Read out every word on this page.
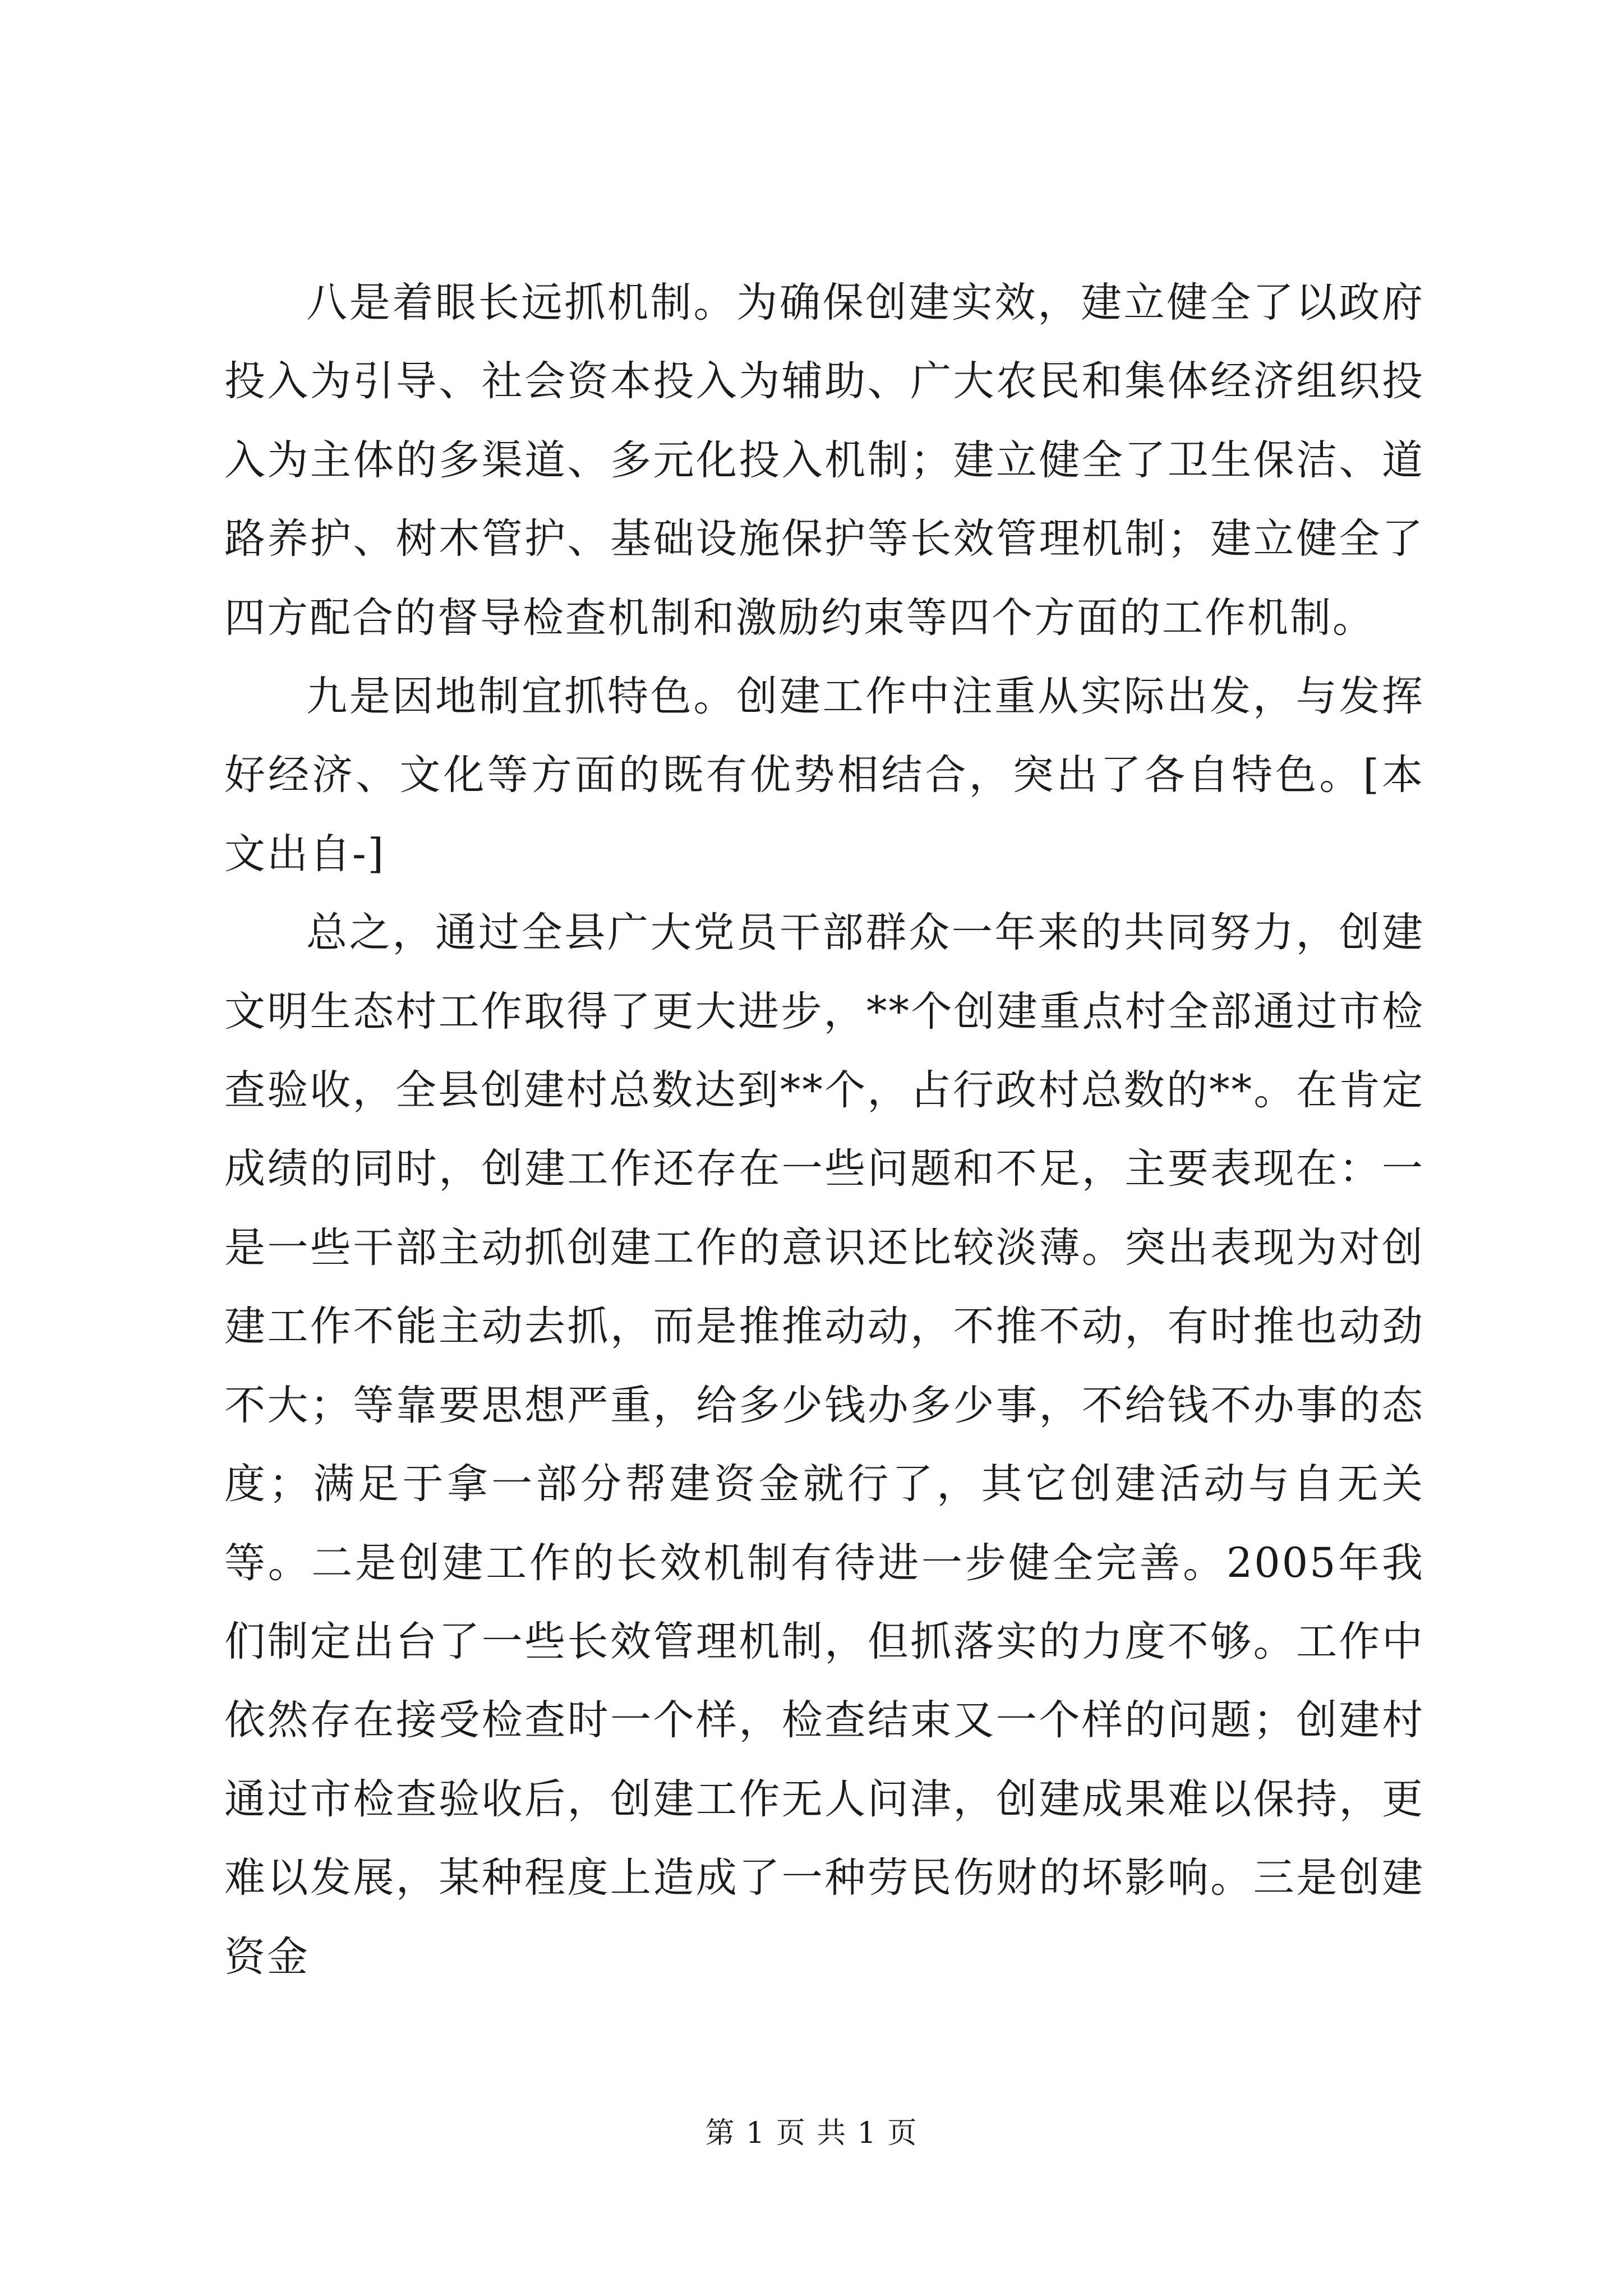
八是着眼长远抓机制。为确保创建实效，建立健全了以政府投入为引导、社会资本投入为辅助、广大农民和集体经济组织投入为主体的多渠道、多元化投入机制；建立健全了卫生保洁、道路养护、树木管护、基础设施保护等长效管理机制；建立健全了四方配合的督导检查机制和激励约束等四个方面的工作机制。

九是因地制宜抓特色。创建工作中注重从实际出发，与发挥好经济、文化等方面的既有优势相结合，突出了各自特色。[本文出自-]

总之，通过全县广大党员干部群众一年来的共同努力，创建文明生态村工作取得了更大进步，**个创建重点村全部通过市检查验收，全县创建村总数达到**个，占行政村总数的**。在肯定成绩的同时，创建工作还存在一些问题和不足，主要表现在：一是一些干部主动抓创建工作的意识还比较淡薄。突出表现为对创建工作不能主动去抓，而是推推动动，不推不动，有时推也动劲不大；等靠要思想严重，给多少钱办多少事，不给钱不办事的态度；满足于拿一部分帮建资金就行了，其它创建活动与自无关等。二是创建工作的长效机制有待进一步健全完善。2005年我们制定出台了一些长效管理机制，但抓落实的力度不够。工作中依然存在接受检查时一个样，检查结束又一个样的问题；创建村通过市检查验收后，创建工作无人问津，创建成果难以保持，更难以发展，某种程度上造成了一种劳民伤财的坏影响。三是创建资金

第 1 页 共 1 页
